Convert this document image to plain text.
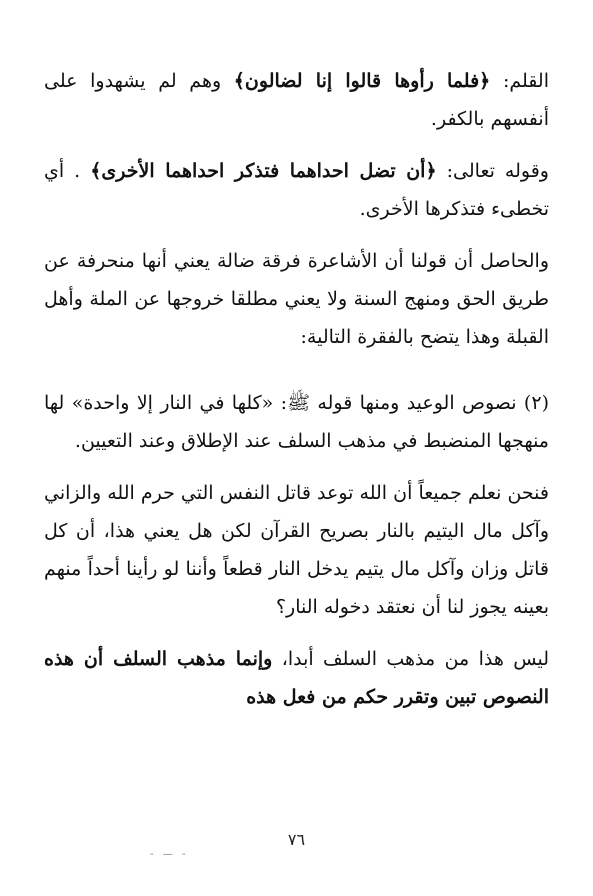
القلم: ﴿فلما رأوها قالوا إنا لضالون﴾ وهم لم يشهدوا على أنفسهم بالكفر.

وقوله تعالى: ﴿أن تضل احداهما فتذكر احداهما الأخرى﴾ . أي تخطىء فتذكرها الأخرى.

والحاصل أن قولنا أن الأشاعرة فرقة ضالة يعني أنها منحرفة عن طريق الحق ومنهج السنة ولا يعني مطلقا خروجها عن الملة وأهل القبلة وهذا يتضح بالفقرة التالية:

(٢) نصوص الوعيد ومنها قوله ﷺ: «كلها في النار إلا واحدة» لها منهجها المنضبط في مذهب السلف عند الإطلاق وعند التعيين.

فنحن نعلم جميعاً أن الله توعد قاتل النفس التي حرم الله والزاني وآكل مال اليتيم بالنار بصريح القرآن لكن هل يعني هذا، أن كل قاتل وزان وآكل مال يتيم يدخل النار قطعاً وأننا لو رأينا أحداً منهم بعينه يجوز لنا أن نعتقد دخوله النار؟

ليس هذا من مذهب السلف أبدا، وإنما مذهب السلف أن هذه النصوص تبين وتقرر حكم من فعل هذه

٧٦
- — -
